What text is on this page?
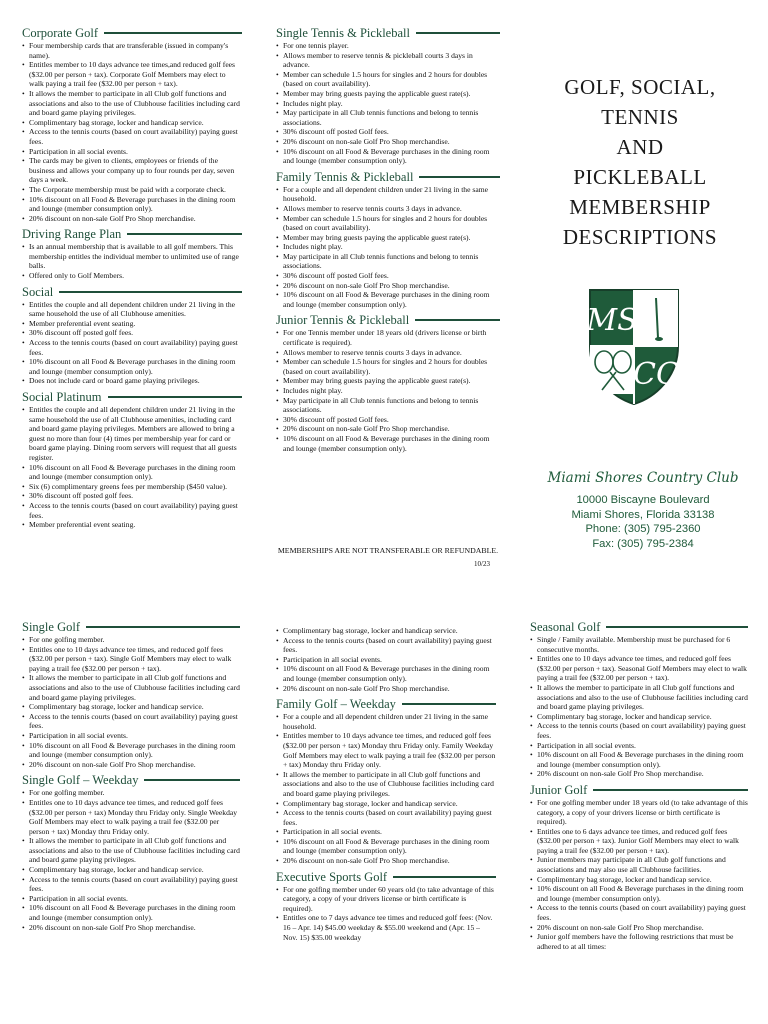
Corporate Golf
• Four membership cards that are transferable (issued in company's name).
• Entitles member to 10 days advance tee times,and reduced golf fees ($32.00 per person + tax). Corporate Golf Members may elect to walk paying a trail fee ($32.00 per person + tax).
• It allows the member to participate in all Club golf functions and associations and also to the use of Clubhouse facilities including card and board game playing privileges.
• Complimentary bag storage, locker and handicap service.
• Access to the tennis courts (based on court availability) paying guest fees.
• Participation in all social events.
• The cards may be given to clients, employees or friends of the business and allows your company up to four rounds per day, seven days a week.
• The Corporate membership must be paid with a corporate check.
• 10% discount on all Food & Beverage purchases in the dining room and lounge (member consumption only).
• 20% discount on non-sale Golf Pro Shop merchandise.
Driving Range Plan
• Is an annual membership that is available to all golf members. This membership entitles the individual member to unlimited use of range balls.
• Offered only to Golf Members.
Social
• Entitles the couple and all dependent children under 21 living in the same household the use of all Clubhouse amenities.
• Member preferential event seating.
• 30% discount off posted golf fees.
• Access to the tennis courts (based on court availability) paying guest fees.
• 10% discount on all Food & Beverage purchases in the dining room and lounge (member consumption only).
• Does not include card or board game playing privileges.
Social Platinum
• Entitles the couple and all dependent children under 21 living in the same household the use of all Clubhouse amenities, including card and board game playing privileges. Members are allowed to bring a guest no more than four (4) times per membership year for card or board game playing. Dining room servers will request that all guests register.
• 10% discount on all Food & Beverage purchases in the dining room and lounge (member consumption only).
• Six (6) complimentary greens fees per membership ($450 value).
• 30% discount off posted golf fees.
• Access to the tennis courts (based on court availability) paying guest fees.
• Member preferential event seating.
Single Tennis & Pickleball
• For one tennis player.
• Allows member to reserve tennis & pickleball courts 3 days in advance.
• Member can schedule 1.5 hours for singles and 2 hours for doubles (based on court availability).
• Member may bring guests paying the applicable guest rate(s).
• Includes night play.
• May participate in all Club tennis functions and belong to tennis associations.
• 30% discount off posted Golf fees.
• 20% discount on non-sale Golf Pro Shop merchandise.
• 10% discount on all Food & Beverage purchases in the dining room and lounge (member consumption only).
Family Tennis & Pickleball
• For a couple and all dependent children under 21 living in the same household.
• Allows member to reserve tennis courts 3 days in advance.
• Member can schedule 1.5 hours for singles and 2 hours for doubles (based on court availability).
• Member may bring guests paying the applicable guest rate(s).
• Includes night play.
• May participate in all Club tennis functions and belong to tennis associations.
• 30% discount off posted Golf fees.
• 20% discount on non-sale Golf Pro Shop merchandise.
• 10% discount on all Food & Beverage purchases in the dining room and lounge (member consumption only).
Junior Tennis & Pickleball
• For one Tennis member under 18 years old (drivers license or birth certificate is required).
• Allows member to reserve tennis courts 3 days in advance.
• Member can schedule 1.5 hours for singles and 2 hours for doubles (based on court availability).
• Member may bring guests paying the applicable guest rate(s).
• Includes night play.
• May participate in all Club tennis functions and belong to tennis associations.
• 30% discount off posted Golf fees.
• 20% discount on non-sale Golf Pro Shop merchandise.
• 10% discount on all Food & Beverage purchases in the dining room and lounge (member consumption only).
MEMBERSHIPS ARE NOT TRANSFERABLE OR REFUNDABLE.
10/23
GOLF, SOCIAL,
TENNIS
AND
PICKLEBALL
MEMBERSHIP
DESCRIPTIONS
MS
CC
Miami Shores Country Club
10000 Biscayne Boulevard
Miami Shores, Florida 33138
Phone: (305) 795-2360
Fax: (305) 795-2384
Single Golf
• For one golfing member.
• Entitles one to 10 days advance tee times, and reduced golf fees ($32.00 per person + tax). Single Golf Members may elect to walk paying a trail fee ($32.00 per person + tax).
• It allows the member to participate in all Club golf functions and associations and also to the use of Clubhouse facilities including card and board game playing privileges.
• Complimentary bag storage, locker and handicap service.
• Access to the tennis courts (based on court availability) paying guest fees.
• Participation in all social events.
• 10% discount on all Food & Beverage purchases in the dining room and lounge (member consumption only).
• 20% discount on non-sale Golf Pro Shop merchandise.
Single Golf – Weekday
• For one golfing member.
• Entitles one to 10 days advance tee times, and reduced golf fees ($32.00 per person + tax) Monday thru Friday only. Single Weekday Golf Members may elect to walk paying a trail fee ($32.00 per person + tax) Monday thru Friday only.
• It allows the member to participate in all Club golf functions and associations and also to the use of Clubhouse facilities including card and board game playing privileges.
• Complimentary bag storage, locker and handicap service.
• Access to the tennis courts (based on court availability) paying guest fees.
• Participation in all social events.
• 10% discount on all Food & Beverage purchases in the dining room and lounge (member consumption only).
• 20% discount on non-sale Golf Pro Shop merchandise.
• Complimentary bag storage, locker and handicap service.
• Access to the tennis courts (based on court availability) paying guest fees.
• Participation in all social events.
• 10% discount on all Food & Beverage purchases in the dining room and lounge (member consumption only).
• 20% discount on non-sale Golf Pro Shop merchandise.
Family Golf – Weekday
• For a couple and all dependent children under 21 living in the same household.
• Entitles member to 10 days advance tee times, and reduced golf fees ($32.00 per person + tax) Monday thru Friday only. Family Weekday Golf Members may elect to walk paying a trail fee ($32.00 per person + tax) Monday thru Friday only.
• It allows the member to participate in all Club golf functions and associations and also to the use of Clubhouse facilities including card and board game playing privileges.
• Complimentary bag storage, locker and handicap service.
• Access to the tennis courts (based on court availability) paying guest fees.
• Participation in all social events.
• 10% discount on all Food & Beverage purchases in the dining room and lounge (member consumption only).
• 20% discount on non-sale Golf Pro Shop merchandise.
Executive Sports Golf
• For one golfing member under 60 years old (to take advantage of this category, a copy of your drivers license or birth certificate is required).
• Entitles one to 7 days advance tee times and reduced golf fees: (Nov. 16 – Apr. 14) $45.00 weekday & $55.00 weekend and (Apr. 15 – Nov. 15) $35.00 weekday
Seasonal Golf
• Single / Family available. Membership must be purchased for 6 consecutive months.
• Entitles one to 10 days advance tee times, and reduced golf fees ($32.00 per person + tax). Seasonal Golf Members may elect to walk paying a trail fee ($32.00 per person + tax).
• It allows the member to participate in all Club golf functions and associations and also to the use of Clubhouse facilities including card and board game playing privileges.
• Complimentary bag storage, locker and handicap service.
• Access to the tennis courts (based on court availability) paying guest fees.
• Participation in all social events.
• 10% discount on all Food & Beverage purchases in the dining room and lounge (member consumption only).
• 20% discount on non-sale Golf Pro Shop merchandise.
Junior Golf
• For one golfing member under 18 years old (to take advantage of this category, a copy of your drivers license or birth certificate is required).
• Entitles one to 6 days advance tee times, and reduced golf fees ($32.00 per person + tax). Junior Golf Members may elect to walk paying a trail fee ($32.00 per person + tax).
• Junior members may participate in all Club golf functions and associations and may also use all Clubhouse facilities.
• Complimentary bag storage, locker and handicap service.
• 10% discount on all Food & Beverage purchases in the dining room and lounge (member consumption only).
• Access to the tennis courts (based on court availability) paying guest fees.
• 20% discount on non-sale Golf Pro Shop merchandise.
• Junior golf members have the following restrictions that must be adhered to at all times:
